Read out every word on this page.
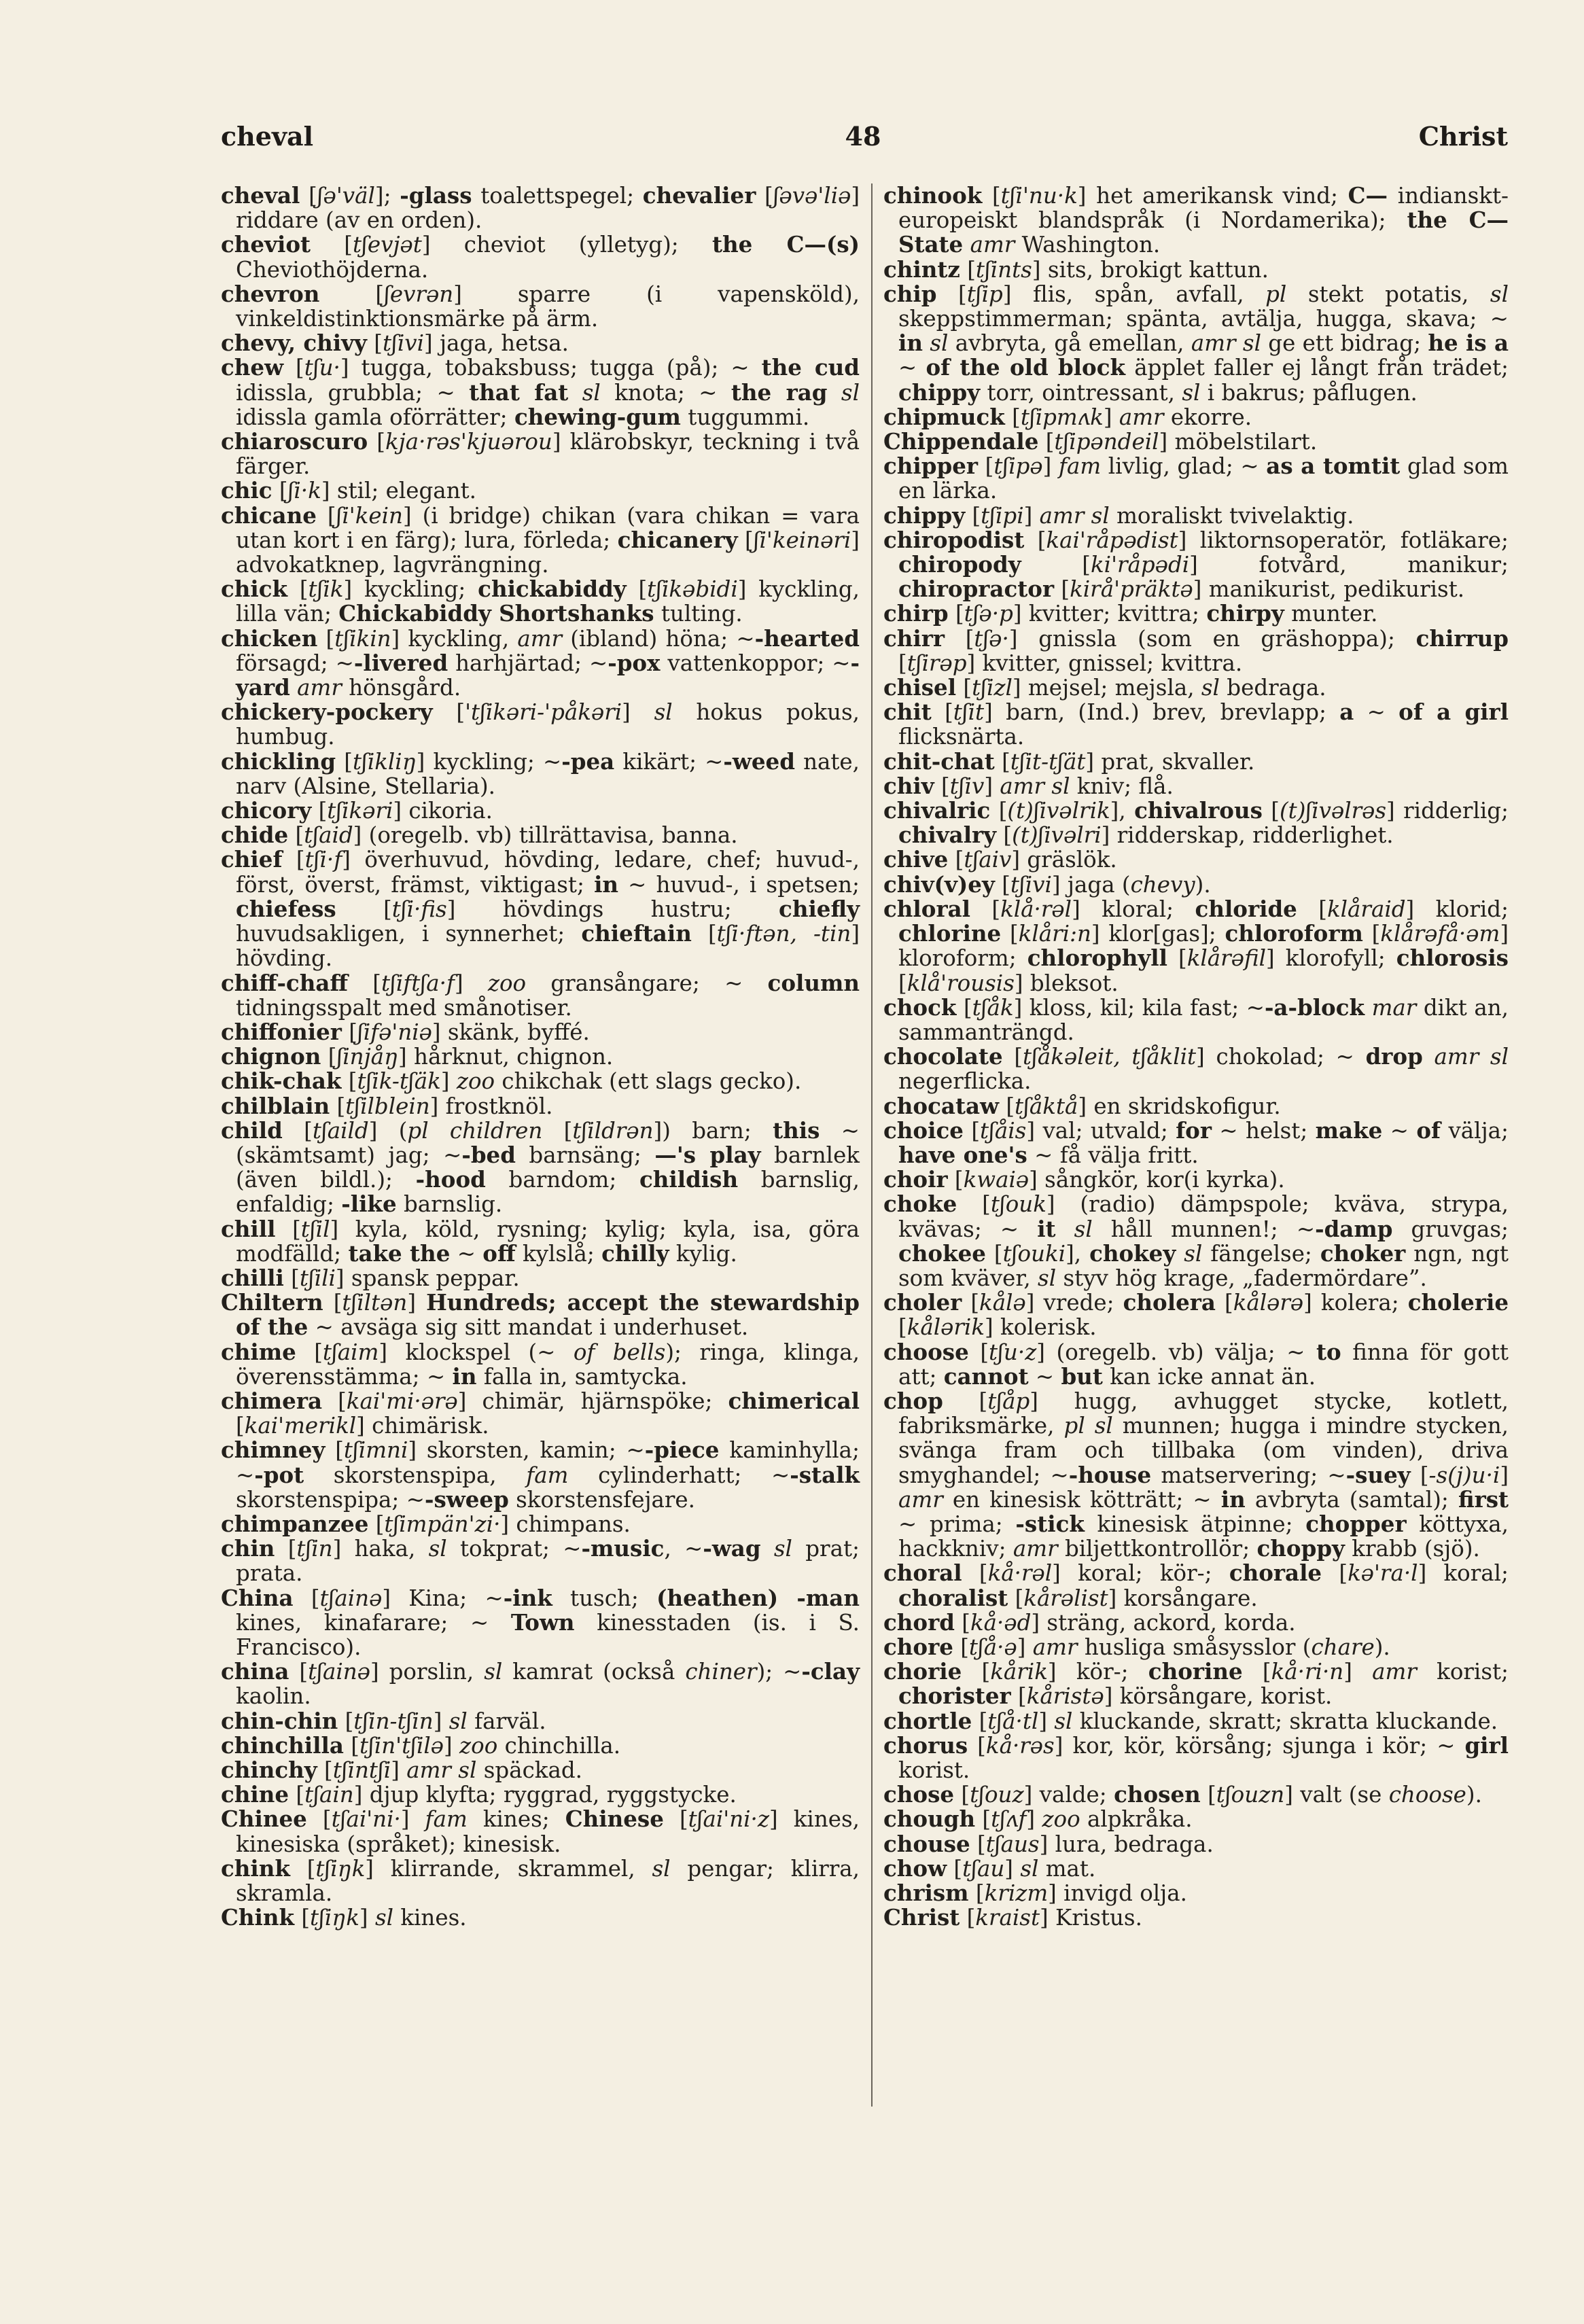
cheval	48	Christ

cheval [ʃə'väl]; -glass toalettspegel; chevalier [ʃəvə'liə] riddare (av en orden).

cheviot [tʃevjət] cheviot (ylletyg); the C—(s) Cheviothöjderna.

chevron [ʃevrən] sparre (i vapensköld), vinkeldistinktionsmärke på ärm.

chevy, chivy [tʃivi] jaga, hetsa.

chew [tʃu·] tugga, tobaksbuss; tugga (på); ~ the cud idissla, grubbla; ~ that fat sl knota; ~ the rag sl idissla gamla oförrätter; chewing-gum tuggummi.

chiaroscuro [kja·rəs'kjuərou] klärobskyr, teckning i två färger.

chic [ʃi·k] stil; elegant.

chicane [ʃi'kein] (i bridge) chikan (vara chikan = vara utan kort i en färg); lura, förleda; chicanery [ʃi'keinəri] advokatknep, lagvrängning.

chick [tʃik] kyckling; chickabiddy [tʃikəbidi] kyckling, lilla vän; Chickabiddy Shortshanks tulting.

chicken [tʃikin] kyckling, amr (ibland) höna; ~-hearted försagd; ~-livered harhjärtad; ~-pox vattenkoppor; ~-yard amr hönsgård.

chickery-pockery ['tʃikəri-'påkəri] sl hokus pokus, humbug.

chickling [tʃikliŋ] kyckling; ~-pea kikärt; ~-weed nate, narv (Alsine, Stellaria).

chicory [tʃikəri] cikoria.

chide [tʃaid] (oregelb. vb) tillrättavisa, banna.

chief [tʃi·f] överhuvud, hövding, ledare, chef; huvud-, först, överst, främst, viktigast; in ~ huvud-, i spetsen; chiefess [tʃi·fis] hövdings hustru; chiefly huvudsakligen, i synnerhet; chieftain [tʃi·ftən, -tin] hövding.

chiff-chaff [tʃiftʃa·f] zoo gransångare; ~ column tidningsspalt med smånotiser.

chiffonier [ʃifə'niə] skänk, byffé.

chignon [ʃinjåŋ] hårknut, chignon.

chik-chak [tʃik-tʃäk] zoo chikchak (ett slags gecko).

chilblain [tʃilblein] frostknöl.

child [tʃaild] (pl children [tʃildrən]) barn; this ~ (skämtsamt) jag; ~-bed barnsäng; —'s play barnlek (även bildl.); -hood barndom; childish barnslig, enfaldig; -like barnslig.

chill [tʃil] kyla, köld, rysning; kylig; kyla, isa, göra modfälld; take the ~ off kylslå; chilly kylig.

chilli [tʃili] spansk peppar.

Chiltern [tʃiltən] Hundreds; accept the stewardship of the ~ avsäga sig sitt mandat i underhuset.

chime [tʃaim] klockspel (~ of bells); ringa, klinga, överensstämma; ~ in falla in, samtycka.

chimera [kai'mi·ərə] chimär, hjärnspöke; chimerical [kai'merikl] chimärisk.

chimney [tʃimni] skorsten, kamin; ~-piece kaminhylla; ~-pot skorstenspipa, fam cylinderhatt; ~-stalk skorstenspipa; ~-sweep skorstensfejare.

chimpanzee [tʃimpän'zi·] chimpans.

chin [tʃin] haka, sl tokprat; ~-music, ~-wag sl prat; prata.

China [tʃainə] Kina; ~-ink tusch; (heathen) -man kines, kinafarare; ~ Town kinesstaden (is. i S. Francisco).

china [tʃainə] porslin, sl kamrat (också chiner); ~-clay kaolin.

chin-chin [tʃin-tʃin] sl farväl.

chinchilla [tʃin'tʃilə] zoo chinchilla.

chinchy [tʃintʃi] amr sl späckad.

chine [tʃain] djup klyfta; ryggrad, ryggstycke.

Chinee [tʃai'ni·] fam kines; Chinese [tʃai'ni·z] kines, kinesiska (språket); kinesisk.

chink [tʃiŋk] klirrande, skrammel, sl pengar; klirra, skramla.

Chink [tʃiŋk] sl kines.

chinook [tʃi'nu·k] het amerikansk vind; C— indianskt-europeiskt blandspråk (i Nordamerika); the C— State amr Washington.

chintz [tʃints] sits, brokigt kattun.

chip [tʃip] flis, spån, avfall, pl stekt potatis, sl skeppstimmerman; spänta, avtälja, hugga, skava; ~ in sl avbryta, gå emellan, amr sl ge ett bidrag; he is a ~ of the old block äpplet faller ej långt från trädet; chippy torr, ointressant, sl i bakrus; påflugen.

chipmuck [tʃipmʌk] amr ekorre.

Chippendale [tʃipəndeil] möbelstilart.

chipper [tʃipə] fam livlig, glad; ~ as a tomtit glad som en lärka.

chippy [tʃipi] amr sl moraliskt tvivelaktig.

chiropodist [kai'råpədist] liktornsoperatör, fotläkare; chiropody [ki'råpədi] fotvård, manikur; chiropractor [kirå'präktə] manikurist, pedikurist.

chirp [tʃə·p] kvitter; kvittra; chirpy munter.

chirr [tʃə·] gnissla (som en gräshoppa); chirrup [tʃirəp] kvitter, gnissel; kvittra.

chisel [tʃizl] mejsel; mejsla, sl bedraga.

chit [tʃit] barn, (Ind.) brev, brevlapp; a ~ of a girl flicksnärta.

chit-chat [tʃit-tʃät] prat, skvaller.

chiv [tʃiv] amr sl kniv; flå.

chivalric [(t)ʃivəlrik], chivalrous [(t)ʃivəlrəs] ridderlig; chivalry [(t)ʃivəlri] ridderskap, ridderlighet.

chive [tʃaiv] gräslök.

chiv(v)ey [tʃivi] jaga (chevy).

chloral [klå·rəl] kloral; chloride [klåraid] klorid; chlorine [klåri:n] klor[gas]; chloroform [klårəfå·əm] kloroform; chlorophyll [klårəfil] klorofyll; chlorosis [klå'rousis] bleksot.

chock [tʃåk] kloss, kil; kila fast; ~-a-block mar dikt an, sammanträngd.

chocolate [tʃåkəleit, tʃåklit] chokolad; ~ drop amr sl negerflicka.

chocataw [tʃåktå] en skridskofigur.

choice [tʃåis] val; utvald; for ~ helst; make ~ of välja; have one's ~ få välja fritt.

choir [kwaiə] sångkör, kor(i kyrka).

choke [tʃouk] (radio) dämpspole; kväva, strypa, kvävas; ~ it sl håll munnen!; ~-damp gruvgas; chokee [tʃouki], chokey sl fängelse; choker ngn, ngt som kväver, sl styv hög krage, „fadermördare”.

choler [kålə] vrede; cholera [kålərə] kolera; cholerie [kålərik] kolerisk.

choose [tʃu·z] (oregelb. vb) välja; ~ to finna för gott att; cannot ~ but kan icke annat än.

chop [tʃåp] hugg, avhugget stycke, kotlett, fabriksmärke, pl sl munnen; hugga i mindre stycken, svänga fram och tillbaka (om vinden), driva smyghandel; ~-house matservering; ~-suey [-s(j)u·i] amr en kinesisk kötträtt; ~ in avbryta (samtal); first ~ prima; -stick kinesisk ätpinne; chopper köttyxa, hackkniv; amr biljettkontrollör; choppy krabb (sjö).

choral [kå·rəl] koral; kör-; chorale [kə'ra·l] koral; choralist [kårəlist] korsångare.

chord [kå·əd] sträng, ackord, korda.

chore [tʃå·ə] amr husliga småsysslor (chare).

chorie [kårik] kör-; chorine [kå·ri·n] amr korist; chorister [kåristə] körsångare, korist.

chortle [tʃå·tl] sl kluckande, skratt; skratta kluckande.

chorus [kå·rəs] kor, kör, körsång; sjunga i kör; ~ girl korist.

chose [tʃouz] valde; chosen [tʃouzn] valt (se choose).

chough [tʃʌf] zoo alpkråka.

chouse [tʃaus] lura, bedraga.

chow [tʃau] sl mat.

chrism [krizm] invigd olja.

Christ [kraist] Kristus.
